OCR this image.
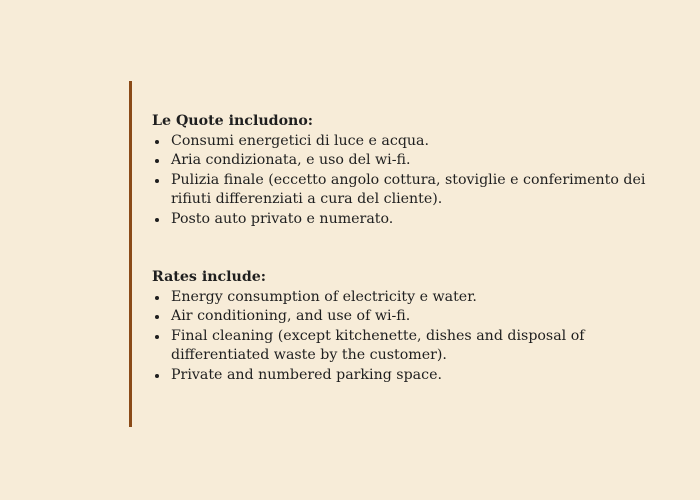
Le Quote includono:
Consumi energetici di luce e acqua.
Aria condizionata, e uso del wi-fi.
Pulizia finale (eccetto angolo cottura, stoviglie e conferimento dei rifiuti differenziati a cura del cliente).
Posto auto privato e numerato.
Rates include:
Energy consumption of electricity e water.
Air conditioning, and use of wi-fi.
Final cleaning (except kitchenette, dishes and disposal of differentiated waste by the customer).
Private and numbered parking space.
